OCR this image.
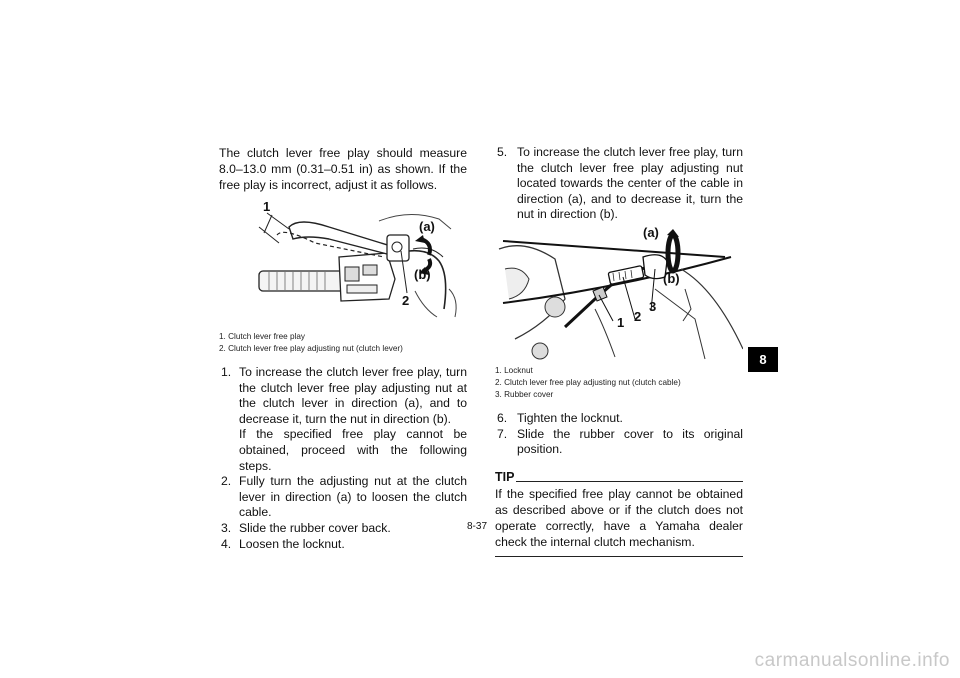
The clutch lever free play should measure 8.0–13.0 mm (0.31–0.51 in) as shown. If the free play is incorrect, adjust it as follows.

1
(a)
(b)
2
1. Clutch lever free play
2. Clutch lever free play adjusting nut (clutch lever)
1. To increase the clutch lever free play, turn the clutch lever free play adjusting nut at the clutch lever in direction (a), and to decrease it, turn the nut in direction (b).
If the specified free play cannot be obtained, proceed with the following steps.
2. Fully turn the adjusting nut at the clutch lever in direction (a) to loosen the clutch cable.
3. Slide the rubber cover back.
4. Loosen the locknut.
5. To increase the clutch lever free play, turn the clutch lever free play adjusting nut located towards the center of the cable in direction (a), and to decrease it, turn the nut in direction (b).
(a)
(b)
1 2
3
1. Locknut
2. Clutch lever free play adjusting nut (clutch cable)
3. Rubber cover
6. Tighten the locknut.
7. Slide the rubber cover to its original position.
TIP

If the specified free play cannot be obtained as described above or if the clutch does not operate correctly, have a Yamaha dealer check the internal clutch mechanism.

8
8-37
carmanualsonline.info
